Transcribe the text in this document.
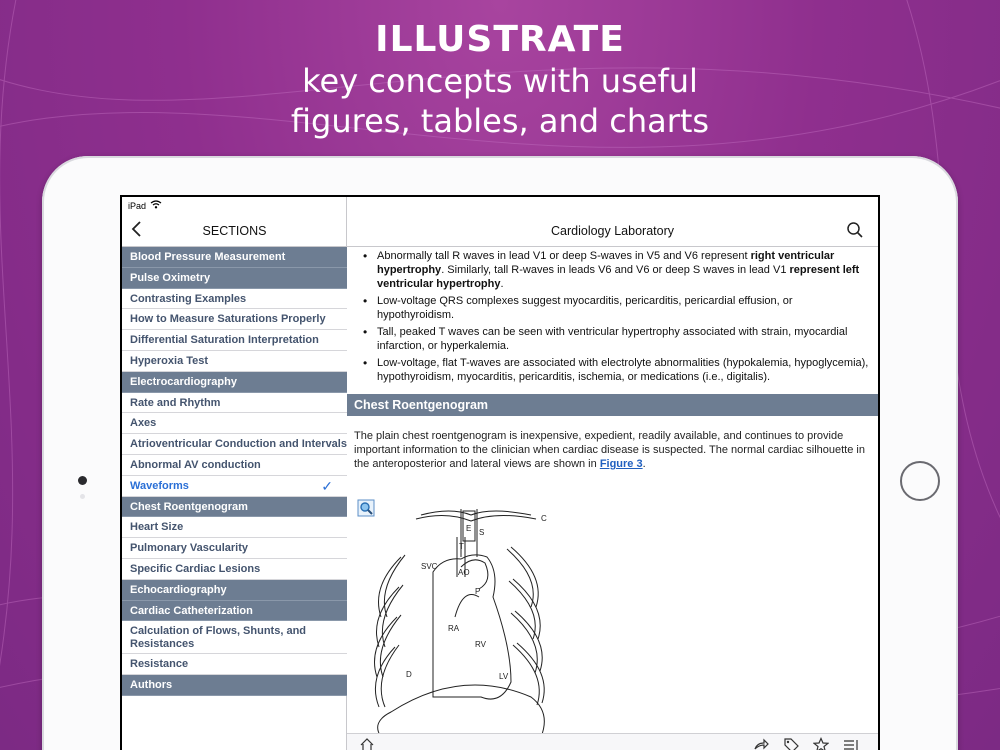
ILLUSTRATE
key concepts with useful
figures, tables, and charts
SECTIONS
Blood Pressure Measurement
Pulse Oximetry
Contrasting Examples
How to Measure Saturations Properly
Differential Saturation Interpretation
Hyperoxia Test
Electrocardiography
Rate and Rhythm
Axes
Atrioventricular Conduction and Intervals
Abnormal AV conduction
Waveforms	✓
Chest Roentgenogram
Heart Size
Pulmonary Vascularity
Specific Cardiac Lesions
Echocardiography
Cardiac Catheterization
Calculation of Flows, Shunts, and Resistances
Resistance
Authors
iPad
Cardiology Laboratory
• Abnormally tall R waves in lead V1 or deep S-waves in V5 and V6 represent right ventricular hypertrophy. Similarly, tall R-waves in leads V6 and V6 or deep S waves in lead V1 represent left ventricular hypertrophy.
• Low-voltage QRS complexes suggest myocarditis, pericarditis, pericardial effusion, or hypothyroidism.
• Tall, peaked T waves can be seen with ventricular hypertrophy associated with strain, myocardial infarction, or hyperkalemia.
• Low-voltage, flat T-waves are associated with electrolyte abnormalities (hypokalemia, hypoglycemia), hypothyroidism, myocarditis, pericarditis, ischemia, or medications (i.e., digitalis).
Chest Roentgenogram
The plain chest roentgenogram is inexpensive, expedient, readily available, and continues to provide important information to the clinician when cardiac disease is suspected. The normal cardiac silhouette in the anteroposterior and lateral views are shown in Figure 3.
C
E S
T
SVC
AO
P
RA
RV
D	LV
